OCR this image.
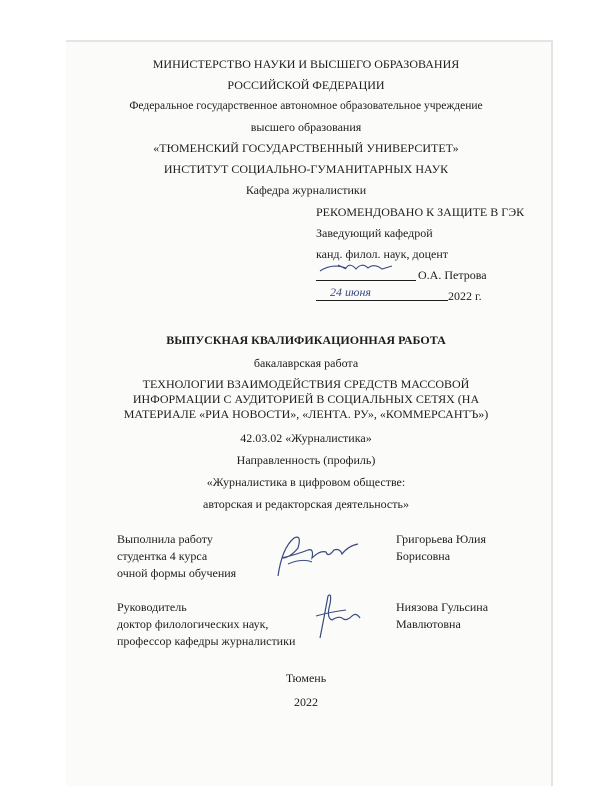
МИНИСТЕРСТВО НАУКИ И ВЫСШЕГО ОБРАЗОВАНИЯ
РОССИЙСКОЙ ФЕДЕРАЦИИ
Федеральное государственное автономное образовательное учреждение
высшего образования
«ТЮМЕНСКИЙ ГОСУДАРСТВЕННЫЙ УНИВЕРСИТЕТ»
ИНСТИТУТ СОЦИАЛЬНО-ГУМАНИТАРНЫХ НАУК
Кафедра журналистики
РЕКОМЕНДОВАНО К ЗАЩИТЕ В ГЭК
Заведующий кафедрой
канд. филол. наук, доцент
О.А. Петрова
24 июня	2022 г.
ВЫПУСКНАЯ КВАЛИФИКАЦИОННАЯ РАБОТА
бакалаврская работа
ТЕХНОЛОГИИ ВЗАИМОДЕЙСТВИЯ СРЕДСТВ МАССОВОЙ
ИНФОРМАЦИИ С АУДИТОРИЕЙ В СОЦИАЛЬНЫХ СЕТЯХ (НА
МАТЕРИАЛЕ «РИА НОВОСТИ», «ЛЕНТА. РУ», «КОММЕРСАНТЪ»)
42.03.02 «Журналистика»
Направленность (профиль)
«Журналистика в цифровом обществе:
авторская и редакторская деятельность»
Выполнила работу
студентка 4 курса
очной формы обучения
Григорьева Юлия
Борисовна
Руководитель
доктор филологических наук,
профессор кафедры журналистики
Ниязова Гульсина
Мавлютовна
Тюмень
2022
